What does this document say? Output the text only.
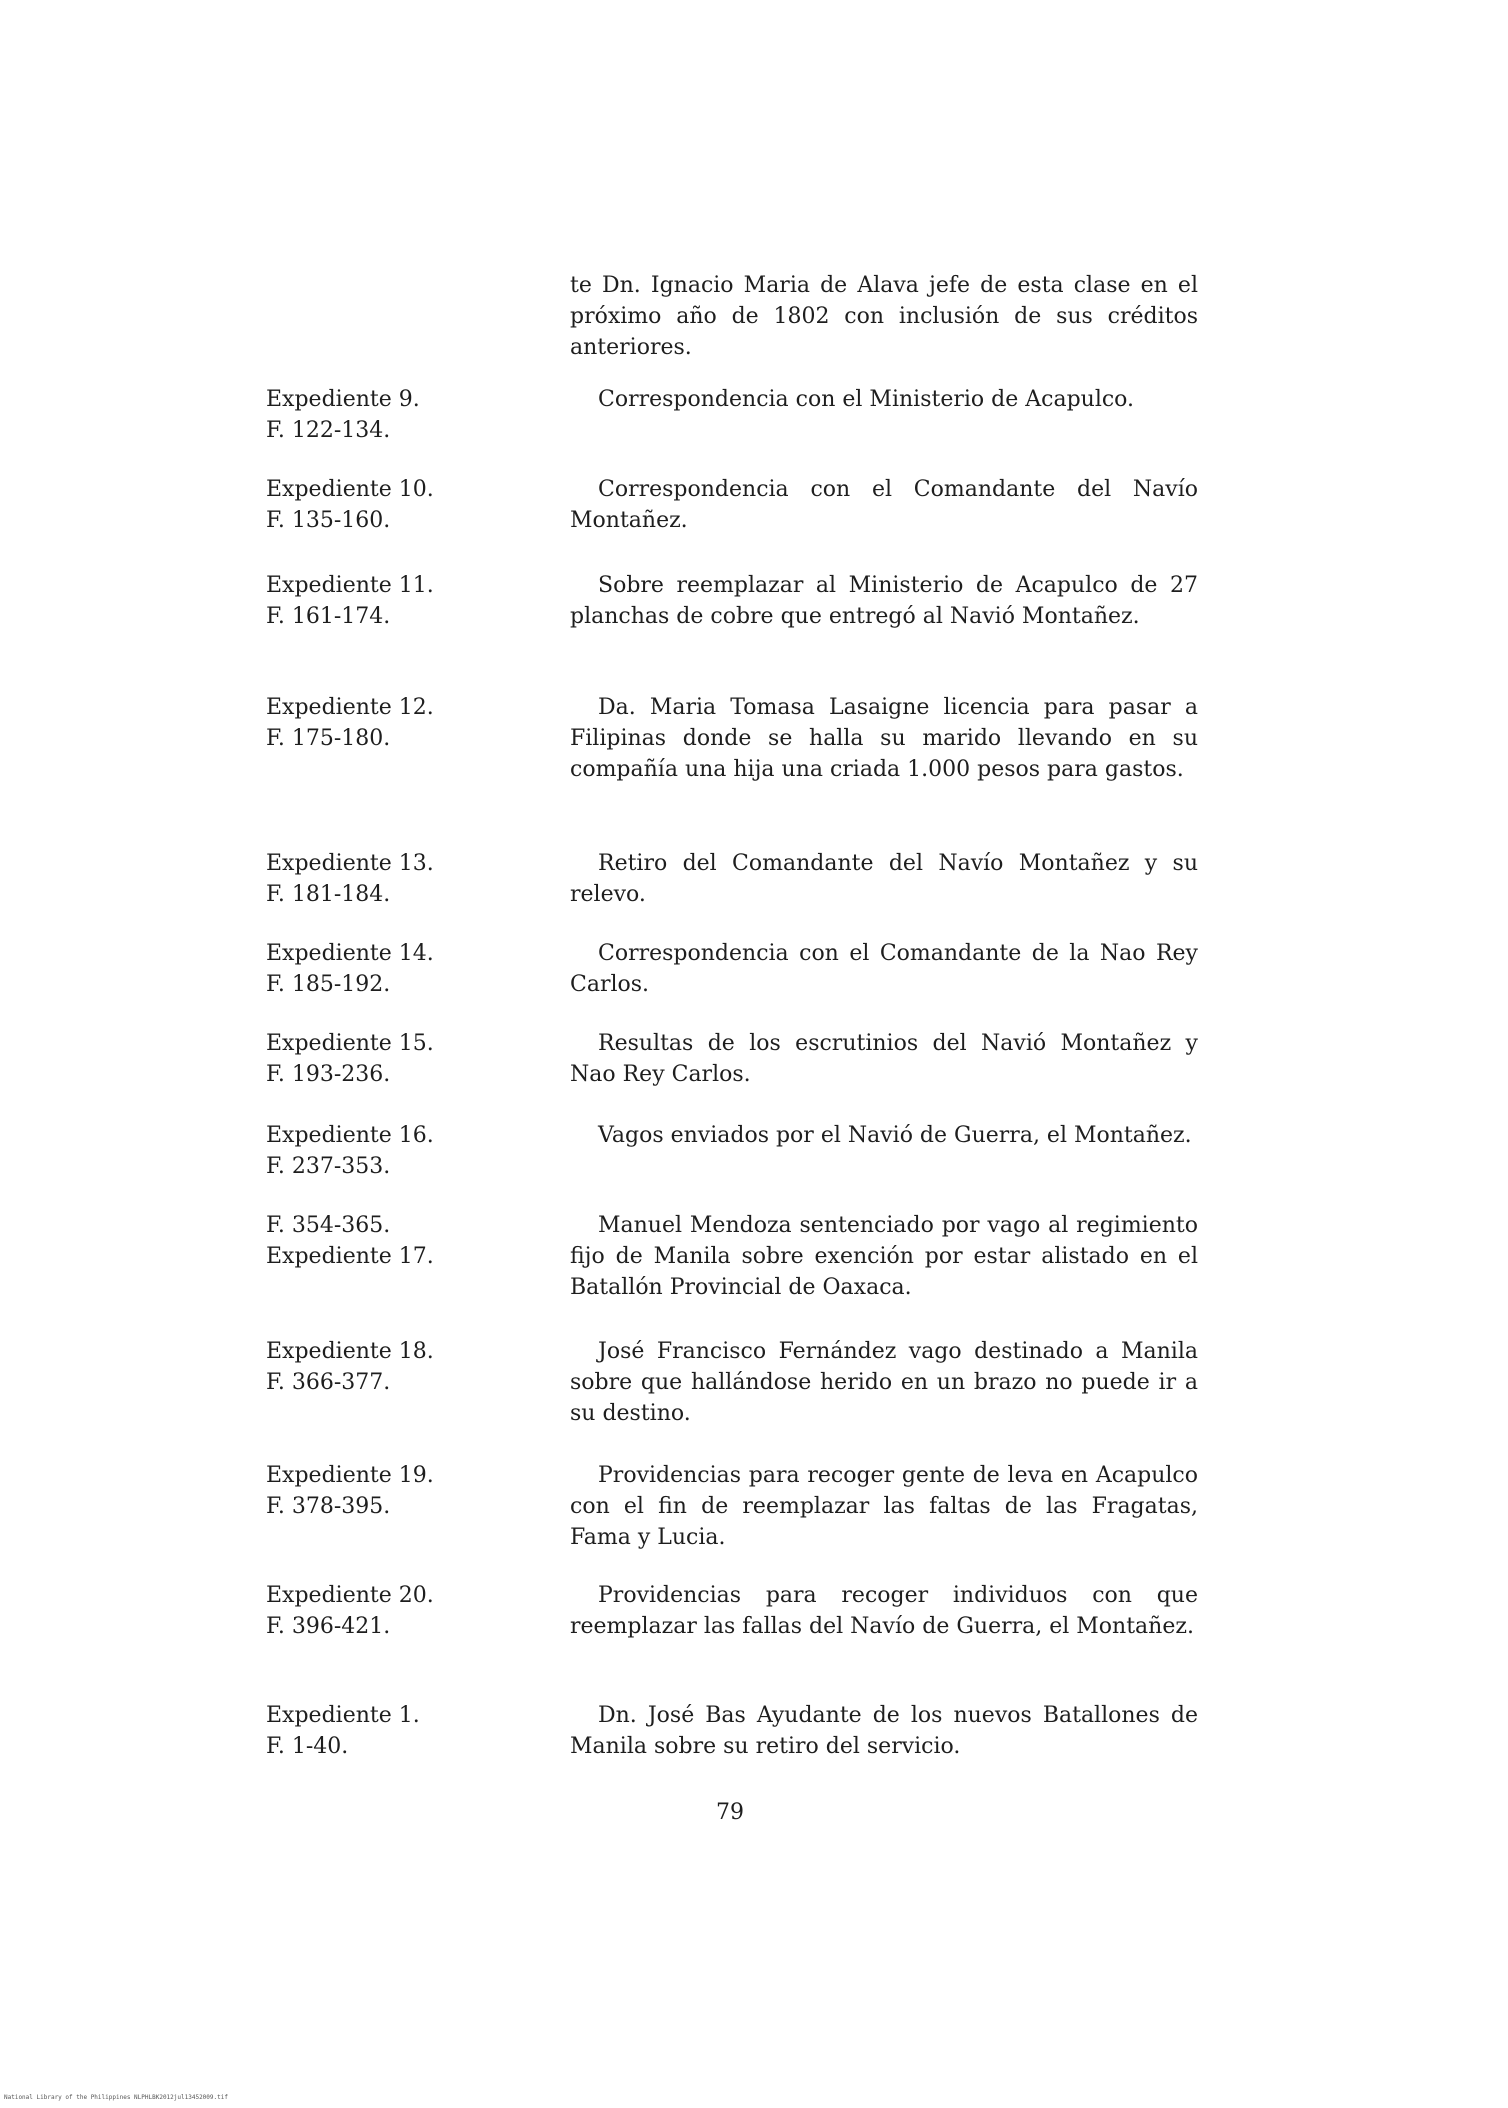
te Dn. Ignacio Maria de Alava jefe de esta clase en el próximo año de 1802 con inclusión de sus créditos anteriores.
Expediente 9.
F. 122-134.
Correspondencia con el Ministerio de Acapulco.
Expediente 10.
F. 135-160.
Correspondencia con el Comandante del Navío Montañez.
Expediente 11.
F. 161-174.
Sobre reemplazar al Ministerio de Acapulco de 27 planchas de cobre que entregó al Navió Montañez.
Expediente 12.
F. 175-180.
Da. Maria Tomasa Lasaigne licencia para pasar a Filipinas donde se halla su marido llevando en su compañía una hija una criada 1.000 pesos para gastos.
Expediente 13.
F. 181-184.
Retiro del Comandante del Navío Montañez y su relevo.
Expediente 14.
F. 185-192.
Correspondencia con el Comandante de la Nao Rey Carlos.
Expediente 15.
F. 193-236.
Resultas de los escrutinios del Navió Montañez y Nao Rey Carlos.
Expediente 16.
F. 237-353.
Vagos enviados por el Navió de Guerra, el Montañez.
F. 354-365.
Expediente 17.
Manuel Mendoza sentenciado por vago al regimiento fijo de Manila sobre exención por estar alistado en el Batallón Provincial de Oaxaca.
Expediente 18.
F. 366-377.
José Francisco Fernández vago destinado a Manila sobre que hallándose herido en un brazo no puede ir a su destino.
Expediente 19.
F. 378-395.
Providencias para recoger gente de leva en Acapulco con el fin de reemplazar las faltas de las Fragatas, Fama y Lucia.
Expediente 20.
F. 396-421.
Providencias para recoger individuos con que reemplazar las fallas del Navío de Guerra, el Montañez.
Expediente 1.
F. 1-40.
Dn. José Bas Ayudante de los nuevos Batallones de Manila sobre su retiro del servicio.
79
National Library of the Philippines NLPHLBK2012jul13452009.tif
